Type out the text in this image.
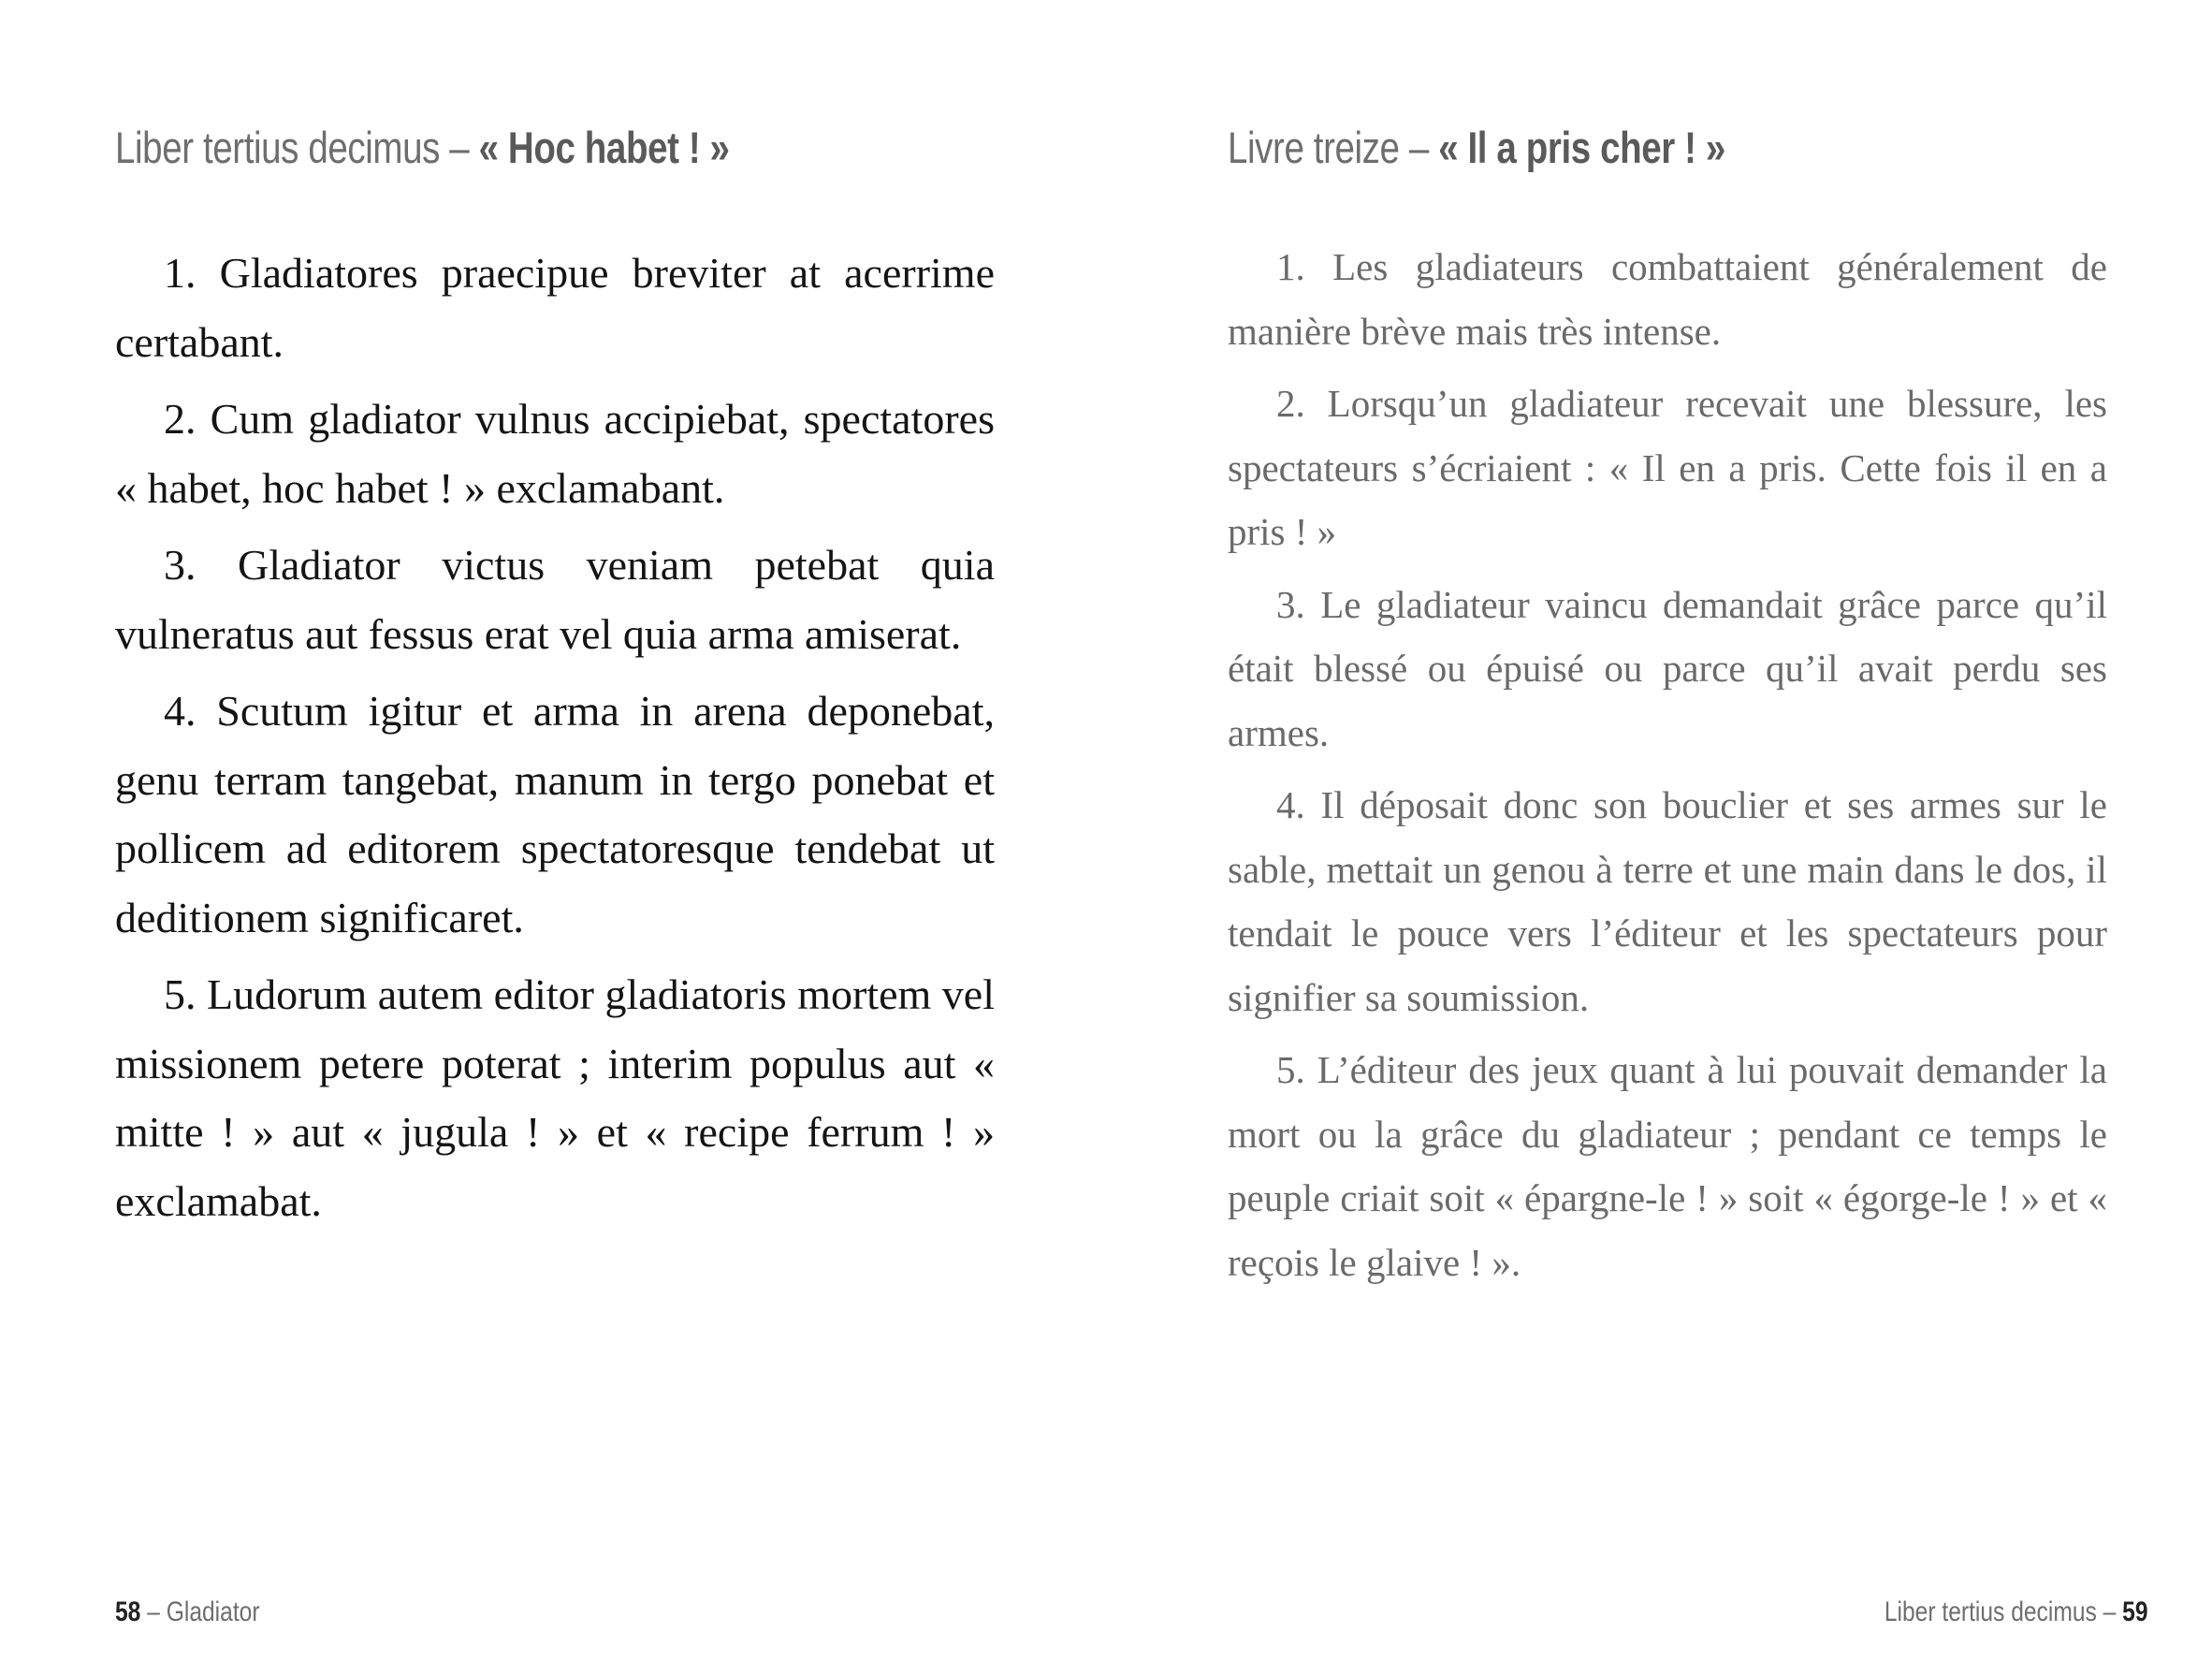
Liber tertius decimus – « Hoc habet ! »

1. Gladiatores praecipue breviter at acerrime certabant.

2. Cum gladiator vulnus accipiebat, spectatores « habet, hoc habet ! » exclamabant.

3. Gladiator victus veniam petebat quia vulneratus aut fessus erat vel quia arma amiserat.

4. Scutum igitur et arma in arena deponebat, genu terram tangebat, manum in tergo ponebat et pollicem ad editorem spectatoresque tendebat ut deditionem significaret.

5. Ludorum autem editor gladiatoris mortem vel missionem petere poterat ; interim populus aut « mitte ! » aut « jugula ! » et « recipe ferrum ! » exclamabat.

58 – Gladiator
Livre treize – « Il a pris cher ! »

1. Les gladiateurs combattaient généralement de manière brève mais très intense.

2. Lorsqu’un gladiateur recevait une blessure, les spectateurs s’écriaient : « Il en a pris. Cette fois il en a pris ! »

3. Le gladiateur vaincu demandait grâce parce qu’il était blessé ou épuisé ou parce qu’il avait perdu ses armes.

4. Il déposait donc son bouclier et ses armes sur le sable, mettait un genou à terre et une main dans le dos, il tendait le pouce vers l’éditeur et les spectateurs pour signifier sa soumission.

5. L’éditeur des jeux quant à lui pouvait demander la mort ou la grâce du gladiateur ; pendant ce temps le peuple criait soit « épargne-le ! » soit « égorge-le ! » et « reçois le glaive ! ».

Liber tertius decimus – 59
